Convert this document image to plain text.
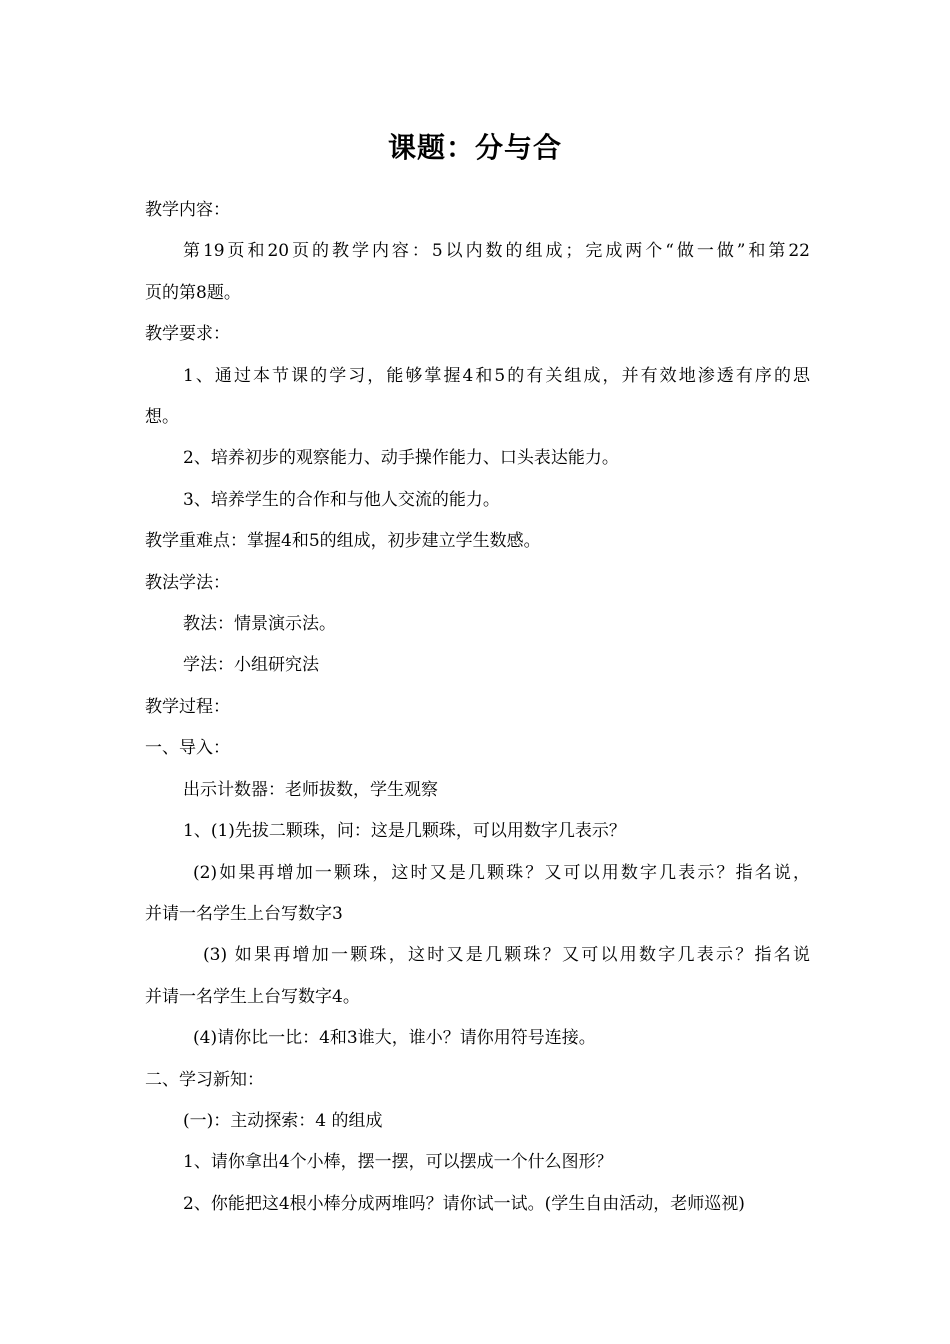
课题：分与合

教学内容：

第19页和20页的教学内容：5以内数的组成；完成两个“做一做”和第22

页的第8题。

教学要求：

1、通过本节课的学习，能够掌握4和5的有关组成，并有效地渗透有序的思

想。

2、培养初步的观察能力、动手操作能力、口头表达能力。

3、培养学生的合作和与他人交流的能力。

教学重难点：掌握4和5的组成，初步建立学生数感。

教法学法：

教法：情景演示法。

学法：小组研究法

教学过程：

一、导入：

出示计数器：老师拔数，学生观察

1、(1)先拔二颗珠，问：这是几颗珠，可以用数字几表示？

(2)如果再增加一颗珠，这时又是几颗珠？又可以用数字几表示？指名说，

并请一名学生上台写数字3

(3) 如果再增加一颗珠，这时又是几颗珠？又可以用数字几表示？指名说

并请一名学生上台写数字4。

(4)请你比一比：4和3谁大，谁小？请你用符号连接。

二、学习新知：

(一)：主动探索：4 的组成

1、请你拿出4个小棒，摆一摆，可以摆成一个什么图形？

2、你能把这4根小棒分成两堆吗？请你试一试。(学生自由活动，老师巡视)
